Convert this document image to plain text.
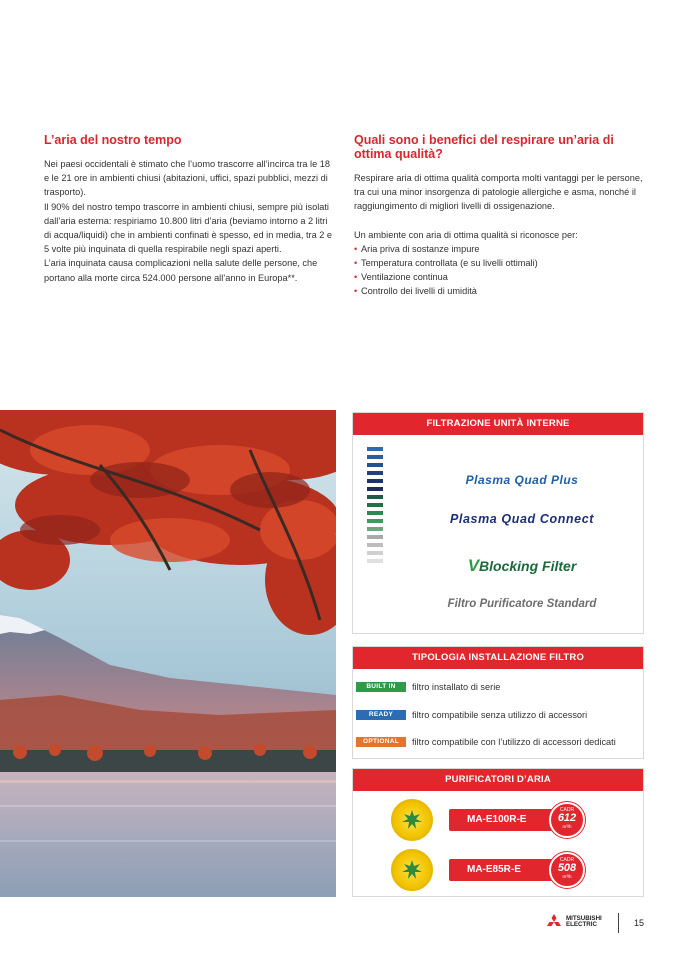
L’aria del nostro tempo

Nei paesi occidentali è stimato che l’uomo trascorre all’incirca tra le 18 e le 21 ore in ambienti chiusi (abitazioni, uffici, spazi pubblici, mezzi di trasporto).

Il 90% del nostro tempo trascorre in ambienti chiusi, sempre più isolati dall’aria esterna: respiriamo 10.800 litri d’aria (beviamo intorno a 2 litri di acqua/liquidi) che in ambienti confinati è spesso, ed in media, tra 2 e 5 volte più inquinata di quella respirabile negli spazi aperti.

L’aria inquinata causa complicazioni nella salute delle persone, che portano alla morte circa 524.000 persone all’anno in Europa**.

Quali sono i benefici del respirare un’aria di ottima qualità?

Respirare aria di ottima qualità comporta molti vantaggi per le persone, tra cui una minor insorgenza di patologie allergiche e asma, nonché il raggiungimento di migliori livelli di ossigenazione.

Un ambiente con aria di ottima qualità si riconosce per:

• Aria priva di sostanze impure
• Temperatura controllata (e su livelli ottimali)
• Ventilazione continua
• Controllo dei livelli di umidità
FILTRAZIONE UNITÀ INTERNE
Plasma Quad Plus
Plasma Quad Connect
VBlocking Filter
Filtro Purificatore Standard
TIPOLOGIA INSTALLAZIONE FILTRO
BUILT IN	filtro installato di serie
READY	filtro compatibile senza utilizzo di accessori
OPTIONAL	filtro compatibile con l’utilizzo di accessori dedicati
PURIFICATORI D’ARIA
MA-E100R-E
CADR
612
m³/h
MA-E85R-E
CADR
508
m³/h
MITSUBISHI
ELECTRIC	15
